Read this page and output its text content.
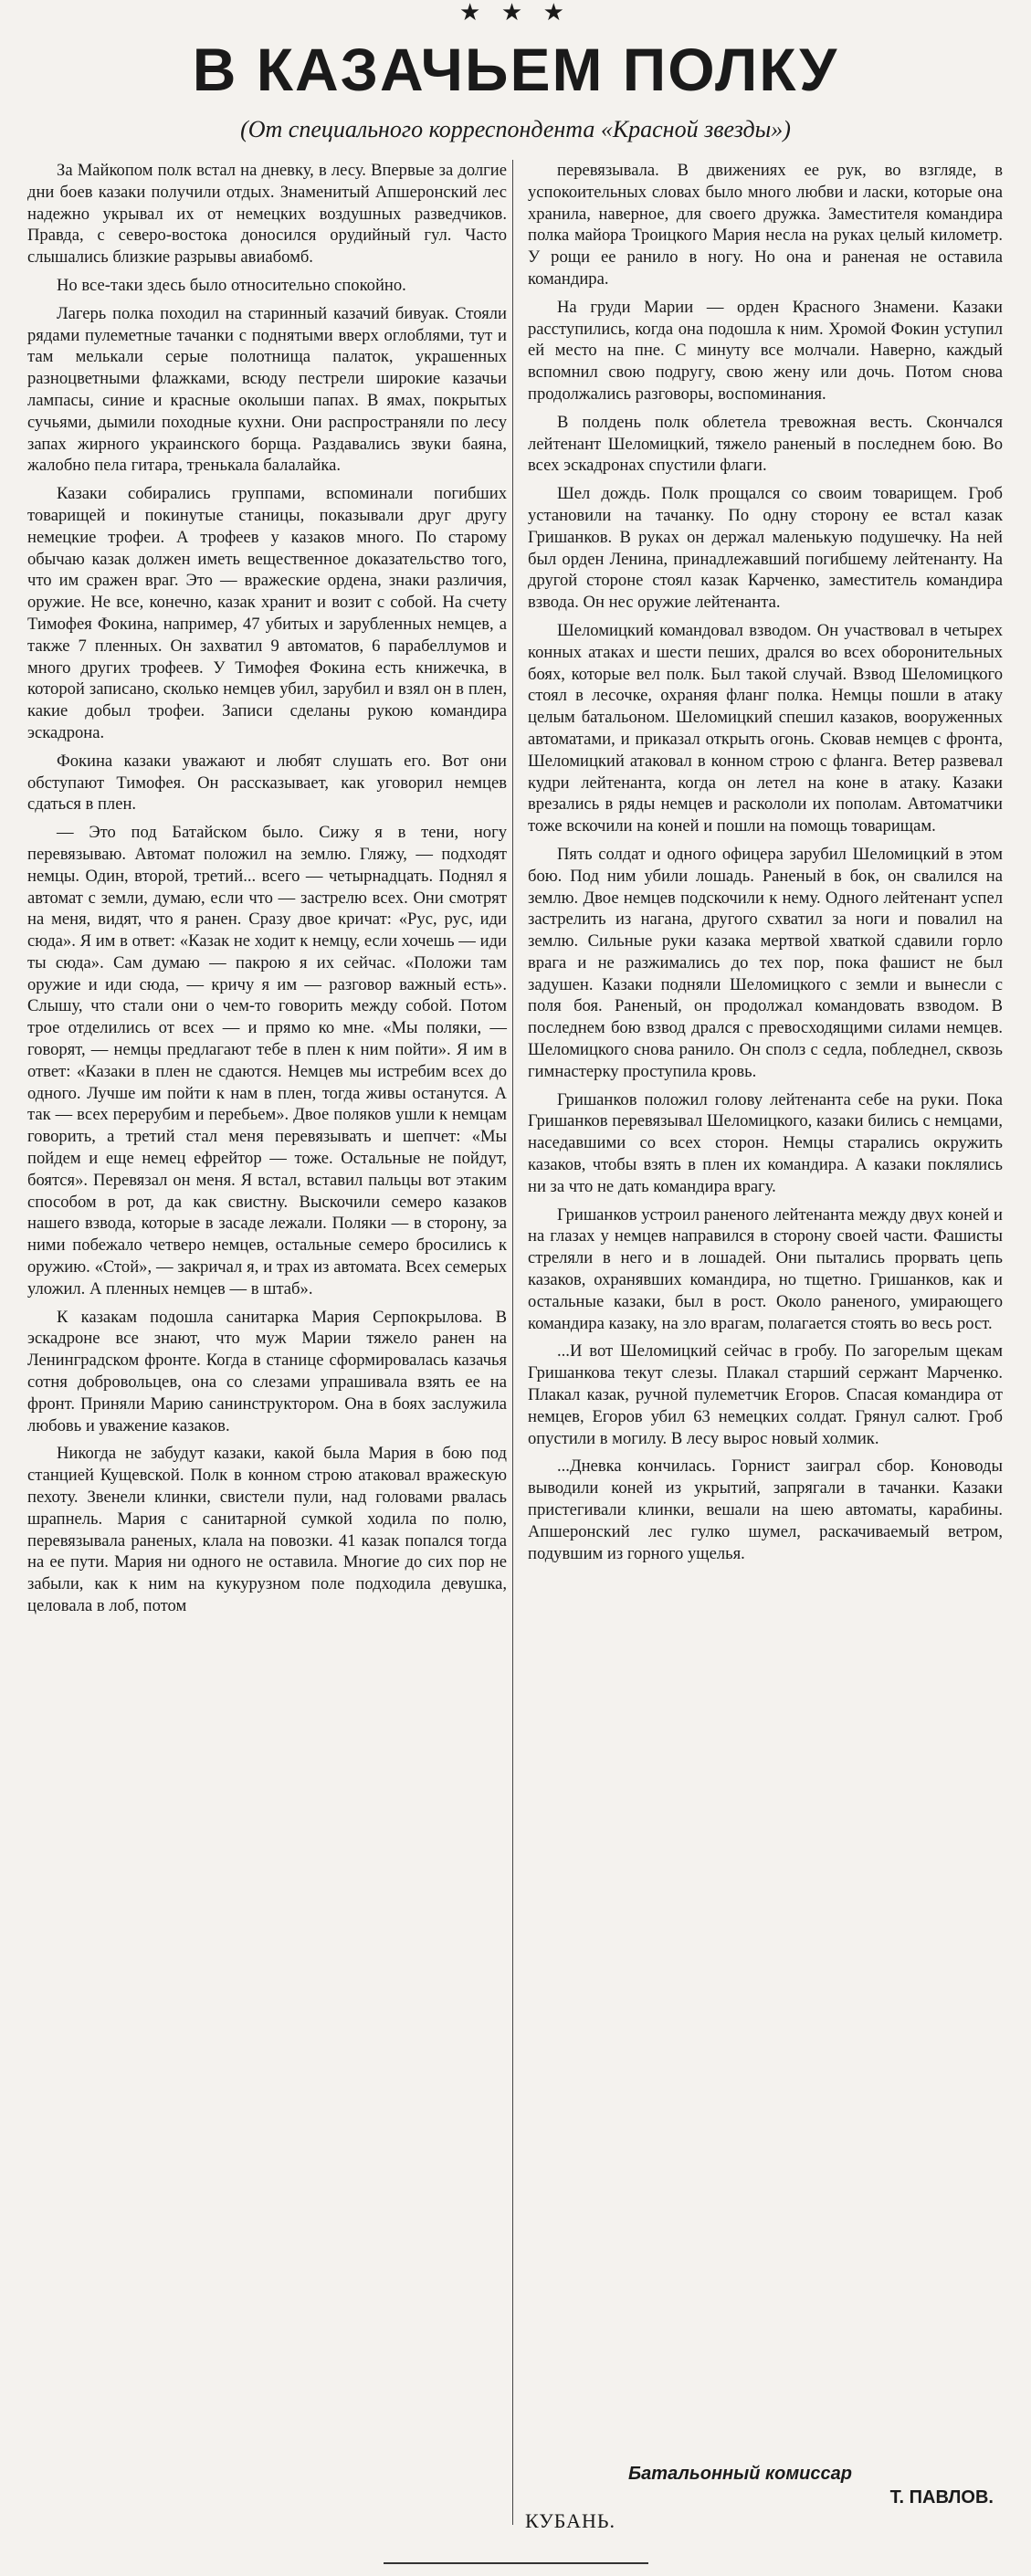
★ ★ ★
В КАЗАЧЬЕМ ПОЛКУ
(От специального корреспондента «Красной звезды»)

За Майкопом полк встал на дневку, в лесу. Впервые за долгие дни боев казаки получили отдых. Знаменитый Апшеронский лес надежно укрывал их от немецких воздушных разведчиков. Правда, с северо-востока доносился орудийный гул. Часто слышались близкие разрывы авиабомб.

Но все-таки здесь было относительно спокойно.

Лагерь полка походил на старинный казачий бивуак. Стояли рядами пулеметные тачанки с поднятыми вверх оглоблями, тут и там мелькали серые полотнища палаток, украшенных разноцветными флажками, всюду пестрели широкие казачьи лампасы, синие и красные околыши папах. В ямах, покрытых сучьями, дымили походные кухни. Они распространяли по лесу запах жирного украинского борща. Раздавались звуки баяна, жалобно пела гитара, тренькала балалайка.

Казаки собирались группами, вспоминали погибших товарищей и покинутые станицы, показывали друг другу немецкие трофеи. А трофеев у казаков много. По старому обычаю казак должен иметь вещественное доказательство того, что им сражен враг. Это — вражеские ордена, знаки различия, оружие. Не все, конечно, казак хранит и возит с собой. На счету Тимофея Фокина, например, 47 убитых и зарубленных немцев, а также 7 пленных. Он захватил 9 автоматов, 6 парабеллумов и много других трофеев. У Тимофея Фокина есть книжечка, в которой записано, сколько немцев убил, зарубил и взял он в плен, какие добыл трофеи. Записи сделаны рукою командира эскадрона.

Фокина казаки уважают и любят слушать его. Вот они обступают Тимофея. Он рассказывает, как уговорил немцев сдаться в плен.

— Это под Батайском было. Сижу я в тени, ногу перевязываю. Автомат положил на землю. Гляжу, — подходят немцы. Один, второй, третий... всего — четырнадцать. Поднял я автомат с земли, думаю, если что — застрелю всех. Они смотрят на меня, видят, что я ранен. Сразу двое кричат: «Рус, рус, иди сюда». Я им в ответ: «Казак не ходит к немцу, если хочешь — иди ты сюда». Сам думаю — пакрою я их сейчас. «Положи там оружие и иди сюда, — кричу я им — разговор важный есть». Слышу, что стали они о чем-то говорить между собой. Потом трое отделились от всех — и прямо ко мне. «Мы поляки, — говорят, — немцы предлагают тебе в плен к ним пойти». Я им в ответ: «Казаки в плен не сдаются. Немцев мы истребим всех до одного. Лучше им пойти к нам в плен, тогда живы останутся. А так — всех перерубим и перебьем». Двое поляков ушли к немцам говорить, а третий стал меня перевязывать и шепчет: «Мы пойдем и еще немец ефрейтор — тоже. Остальные не пойдут, боятся». Перевязал он меня. Я встал, вставил пальцы вот этаким способом в рот, да как свистну. Выскочили семеро казаков нашего взвода, которые в засаде лежали. Поляки — в сторону, за ними побежало четверо немцев, остальные семеро бросились к оружию. «Стой», — закричал я, и трах из автомата. Всех семерых уложил. А пленных немцев — в штаб».

К казакам подошла санитарка Мария Серпокрылова. В эскадроне все знают, что муж Марии тяжело ранен на Ленинградском фронте. Когда в станице сформировалась казачья сотня добровольцев, она со слезами упрашивала взять ее на фронт. Приняли Марию санинструктором. Она в боях заслужила любовь и уважение казаков.

Никогда не забудут казаки, какой была Мария в бою под станцией Кущевской. Полк в конном строю атаковал вражескую пехоту. Звенели клинки, свистели пули, над головами рвалась шрапнель. Мария с санитарной сумкой ходила по полю, перевязывала раненых, клала на повозки. 41 казак попался тогда на ее пути. Мария ни одного не оставила. Многие до сих пор не забыли, как к ним на кукурузном поле подходила девушка, целовала в лоб, потом

перевязывала. В движениях ее рук, во взгляде, в успокоительных словах было много любви и ласки, которые она хранила, наверное, для своего дружка. Заместителя командира полка майора Троицкого Мария несла на руках целый километр. У рощи ее ранило в ногу. Но она и раненая не оставила командира.

На груди Марии — орден Красного Знамени. Казаки расступились, когда она подошла к ним. Хромой Фокин уступил ей место на пне. С минуту все молчали. Наверно, каждый вспомнил свою подругу, свою жену или дочь. Потом снова продолжались разговоры, воспоминания.

В полдень полк облетела тревожная весть. Скончался лейтенант Шеломицкий, тяжело раненый в последнем бою. Во всех эскадронах спустили флаги.

Шел дождь. Полк прощался со своим товарищем. Гроб установили на тачанку. По одну сторону ее встал казак Гришанков. В руках он держал маленькую подушечку. На ней был орден Ленина, принадлежавший погибшему лейтенанту. На другой стороне стоял казак Карченко, заместитель командира взвода. Он нес оружие лейтенанта.

Шеломицкий командовал взводом. Он участвовал в четырех конных атаках и шести пеших, дрался во всех оборонительных боях, которые вел полк. Был такой случай. Взвод Шеломицкого стоял в лесочке, охраняя фланг полка. Немцы пошли в атаку целым батальоном. Шеломицкий спешил казаков, вооруженных автоматами, и приказал открыть огонь. Сковав немцев с фронта, Шеломицкий атаковал в конном строю с фланга. Ветер развевал кудри лейтенанта, когда он летел на коне в атаку. Казаки врезались в ряды немцев и раскололи их пополам. Автоматчики тоже вскочили на коней и пошли на помощь товарищам.

Пять солдат и одного офицера зарубил Шеломицкий в этом бою. Под ним убили лошадь. Раненый в бок, он свалился на землю. Двое немцев подскочили к нему. Одного лейтенант успел застрелить из нагана, другого схватил за ноги и повалил на землю. Сильные руки казака мертвой хваткой сдавили горло врага и не разжимались до тех пор, пока фашист не был задушен. Казаки подняли Шеломицкого с земли и вынесли с поля боя. Раненый, он продолжал командовать взводом. В последнем бою взвод дрался с превосходящими силами немцев. Шеломицкого снова ранило. Он сполз с седла, побледнел, сквозь гимнастерку проступила кровь.

Гришанков положил голову лейтенанта себе на руки. Пока Гришанков перевязывал Шеломицкого, казаки бились с немцами, наседавшими со всех сторон. Немцы старались окружить казаков, чтобы взять в плен их командира. А казаки поклялись ни за что не дать командира врагу.

Гришанков устроил раненого лейтенанта между двух коней и на глазах у немцев направился в сторону своей части. Фашисты стреляли в него и в лошадей. Они пытались прорвать цепь казаков, охранявших командира, но тщетно. Гришанков, как и остальные казаки, был в рост. Около раненого, умирающего командира казаку, на зло врагам, полагается стоять во весь рост.

...И вот Шеломицкий сейчас в гробу. По загорелым щекам Гришанкова текут слезы. Плакал старший сержант Марченко. Плакал казак, ручной пулеметчик Егоров. Спасая командира от немцев, Егоров убил 63 немецких солдат. Грянул салют. Гроб опустили в могилу. В лесу вырос новый холмик.

...Дневка кончилась. Горнист заиграл сбор. Коноводы выводили коней из укрытий, запрягали в тачанки. Казаки пристегивали клинки, вешали на шею автоматы, карабины. Апшеронский лес гулко шумел, раскачиваемый ветром, подувшим из горного ущелья.

Батальонный комиссар
Т. ПАВЛОВ.
КУБАНЬ.
